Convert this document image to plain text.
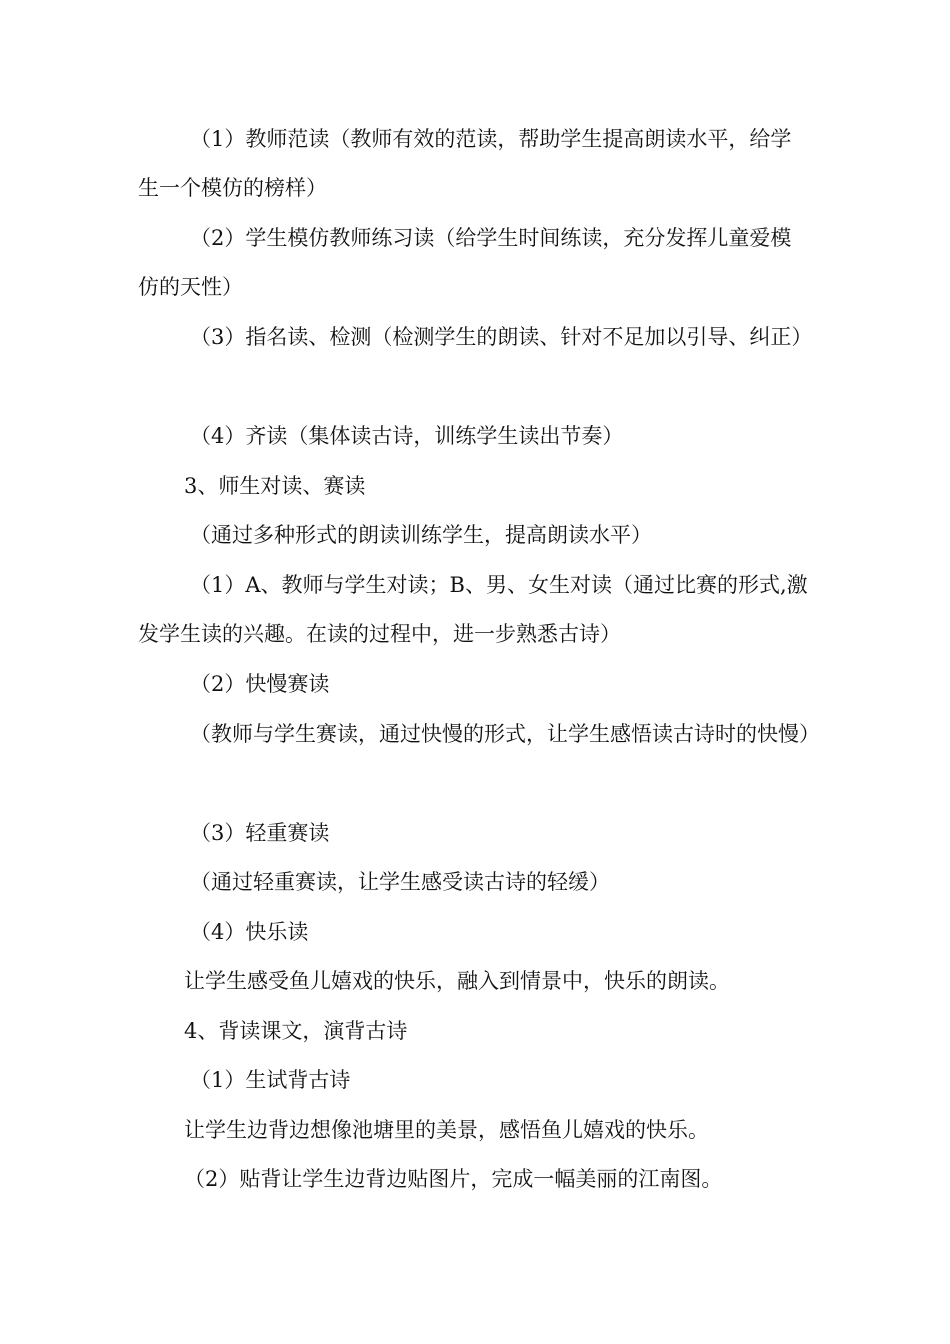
（1）教师范读（教师有效的范读，帮助学生提高朗读水平，给学生一个模仿的榜样）

（2）学生模仿教师练习读（给学生时间练读，充分发挥儿童爱模仿的天性）

（3）指名读、检测（检测学生的朗读、针对不足加以引导、纠正）

（4）齐读（集体读古诗，训练学生读出节奏）

3、师生对读、赛读

（通过多种形式的朗读训练学生，提高朗读水平）

（1）A、教师与学生对读；B、男、女生对读（通过比赛的形式,激发学生读的兴趣。在读的过程中，进一步熟悉古诗）

（2）快慢赛读

（教师与学生赛读，通过快慢的形式，让学生感悟读古诗时的快慢）

（3）轻重赛读

（通过轻重赛读，让学生感受读古诗的轻缓）

（4）快乐读

让学生感受鱼儿嬉戏的快乐，融入到情景中，快乐的朗读。

4、背读课文，演背古诗

（1）生试背古诗

让学生边背边想像池塘里的美景，感悟鱼儿嬉戏的快乐。

（2）贴背让学生边背边贴图片，完成一幅美丽的江南图。
